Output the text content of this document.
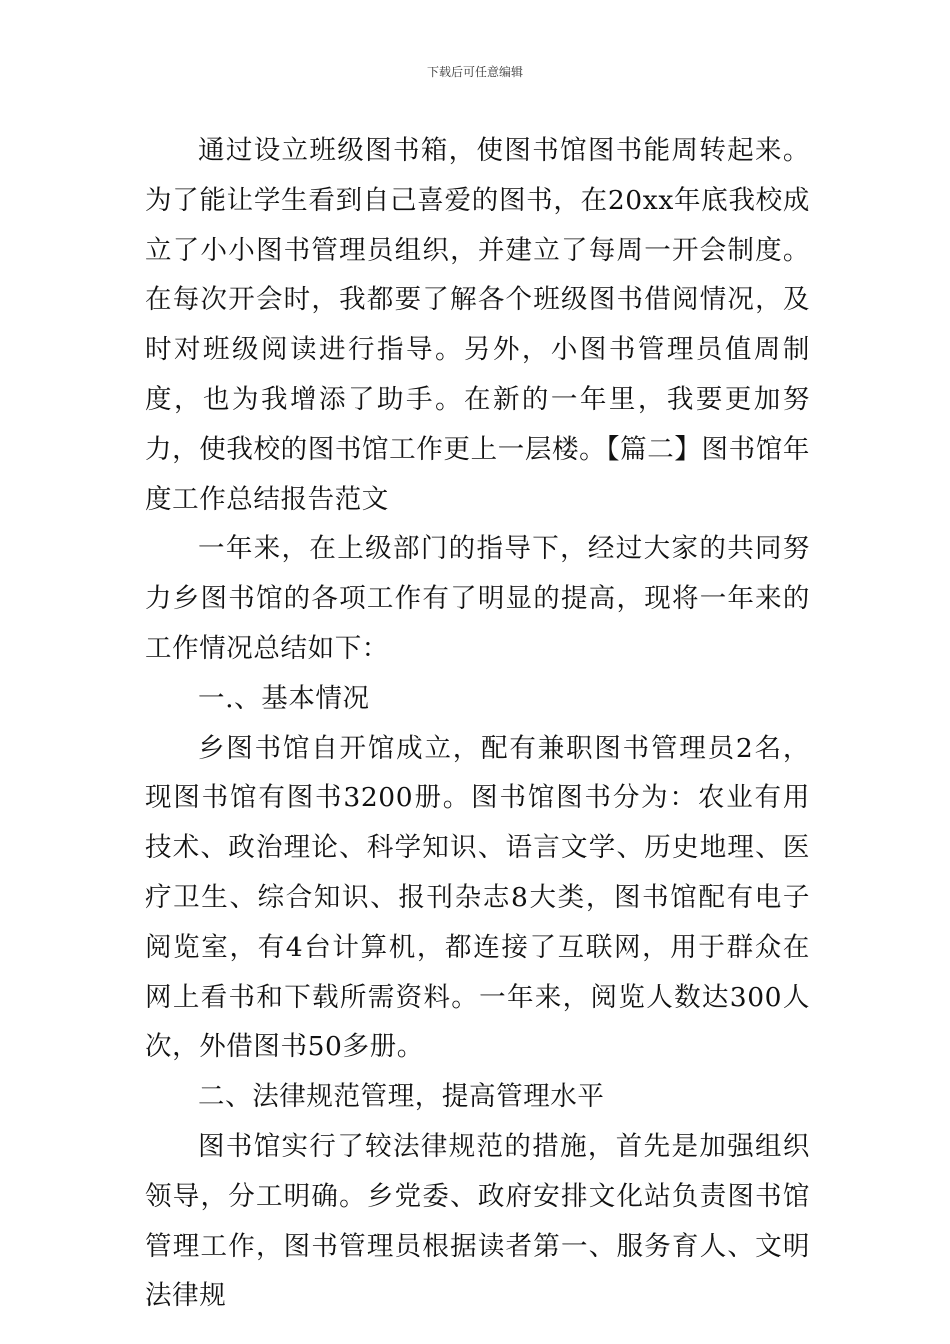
下载后可任意编辑

通过设立班级图书箱，使图书馆图书能周转起来。为了能让学生看到自己喜爱的图书，在20xx年底我校成立了小小图书管理员组织，并建立了每周一开会制度。在每次开会时，我都要了解各个班级图书借阅情况，及时对班级阅读进行指导。另外，小图书管理员值周制度，也为我增添了助手。在新的一年里，我要更加努力，使我校的图书馆工作更上一层楼。【篇二】图书馆年度工作总结报告范文

一年来，在上级部门的指导下，经过大家的共同努力乡图书馆的各项工作有了明显的提高，现将一年来的工作情况总结如下：

一.、基本情况

乡图书馆自开馆成立，配有兼职图书管理员2名，现图书馆有图书3200册。图书馆图书分为：农业有用技术、政治理论、科学知识、语言文学、历史地理、医疗卫生、综合知识、报刊杂志8大类，图书馆配有电子阅览室，有4台计算机，都连接了互联网，用于群众在网上看书和下载所需资料。一年来，阅览人数达300人次，外借图书50多册。

二、法律规范管理，提高管理水平

图书馆实行了较法律规范的措施，首先是加强组织领导，分工明确。乡党委、政府安排文化站负责图书馆管理工作，图书管理员根据读者第一、服务育人、文明法律规
